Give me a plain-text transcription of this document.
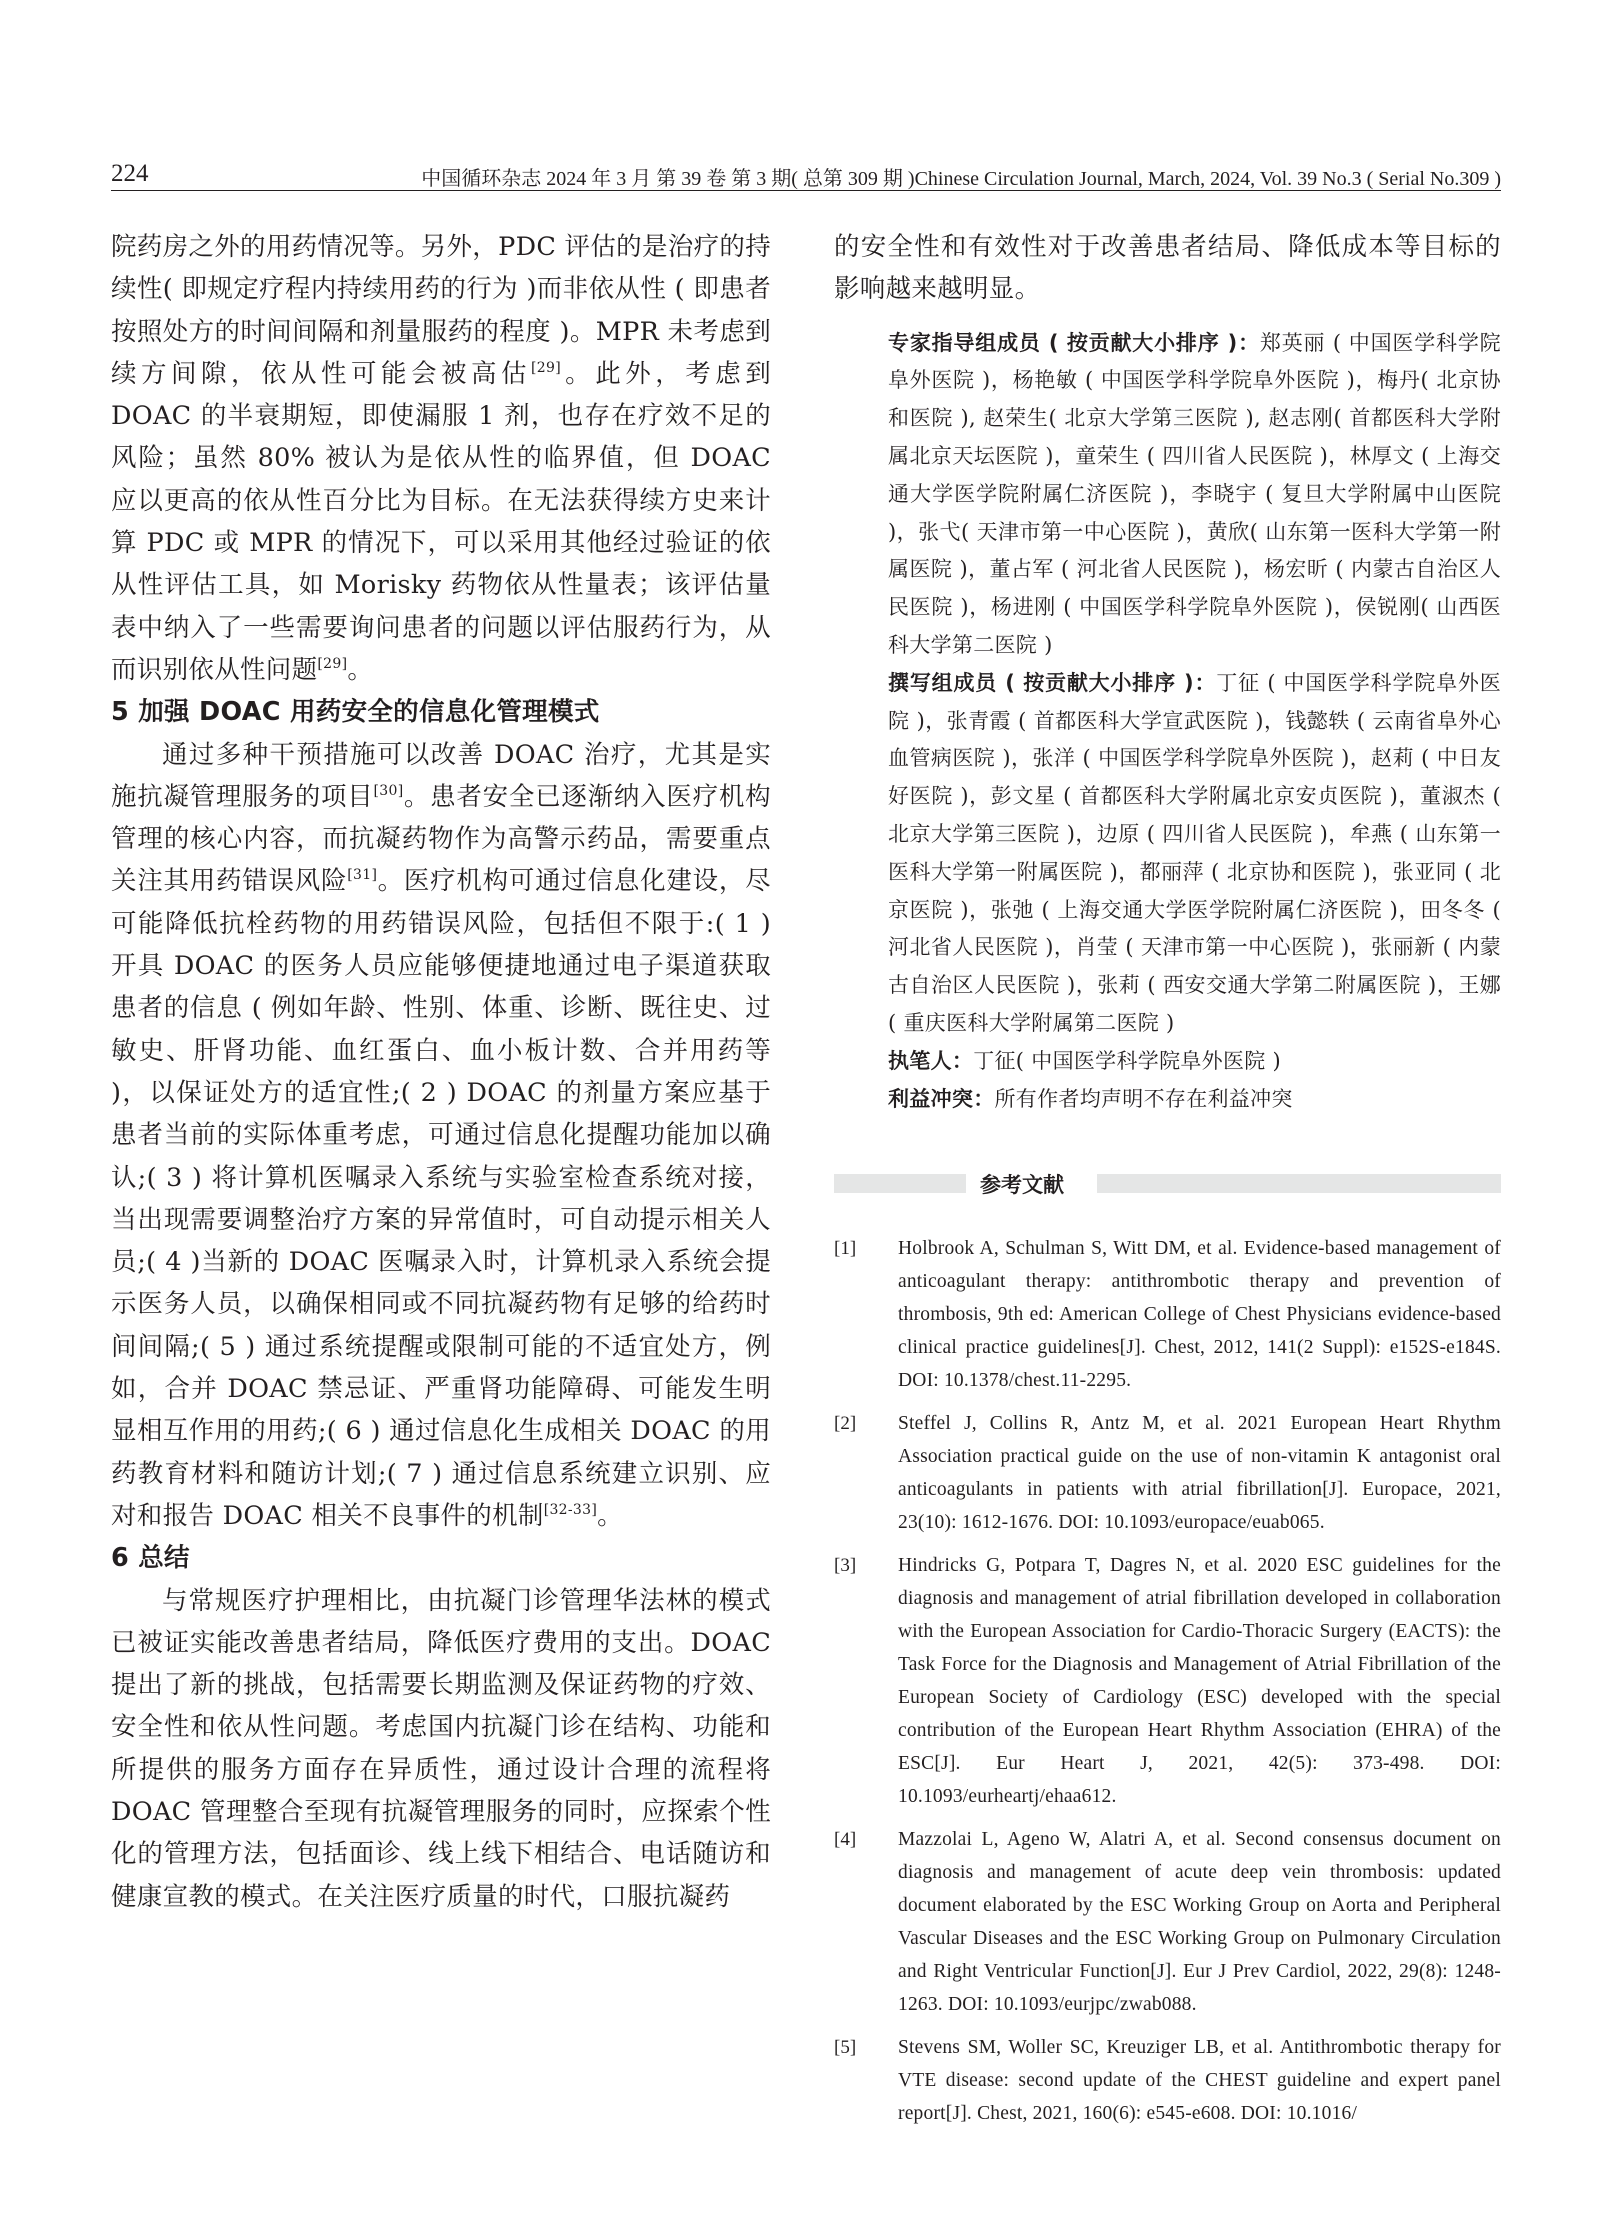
224	中国循环杂志 2024 年 3 月 第 39 卷 第 3 期( 总第 309 期 )Chinese Circulation Journal, March, 2024, Vol. 39 No.3 ( Serial No.309 )

院药房之外的用药情况等。另外，PDC 评估的是治疗的持续性( 即规定疗程内持续用药的行为 )而非依从性 ( 即患者按照处方的时间间隔和剂量服药的程度 )。MPR 未考虑到续方间隙，依从性可能会被高估[29]。此外，考虑到 DOAC 的半衰期短，即使漏服 1 剂，也存在疗效不足的风险；虽然 80% 被认为是依从性的临界值，但 DOAC 应以更高的依从性百分比为目标。在无法获得续方史来计算 PDC 或 MPR 的情况下，可以采用其他经过验证的依从性评估工具，如 Morisky 药物依从性量表；该评估量表中纳入了一些需要询问患者的问题以评估服药行为，从而识别依从性问题[29]。

5 加强 DOAC 用药安全的信息化管理模式

通过多种干预措施可以改善 DOAC 治疗，尤其是实施抗凝管理服务的项目[30]。患者安全已逐渐纳入医疗机构管理的核心内容，而抗凝药物作为高警示药品，需要重点关注其用药错误风险[31]。医疗机构可通过信息化建设，尽可能降低抗栓药物的用药错误风险，包括但不限于:( 1 ) 开具 DOAC 的医务人员应能够便捷地通过电子渠道获取患者的信息 ( 例如年龄、性别、体重、诊断、既往史、过敏史、肝肾功能、血红蛋白、血小板计数、合并用药等 )，以保证处方的适宜性;( 2 ) DOAC 的剂量方案应基于患者当前的实际体重考虑，可通过信息化提醒功能加以确认;( 3 ) 将计算机医嘱录入系统与实验室检查系统对接，当出现需要调整治疗方案的异常值时，可自动提示相关人员;( 4 )当新的 DOAC 医嘱录入时，计算机录入系统会提示医务人员，以确保相同或不同抗凝药物有足够的给药时间间隔;( 5 ) 通过系统提醒或限制可能的不适宜处方，例如，合并 DOAC 禁忌证、严重肾功能障碍、可能发生明显相互作用的用药;( 6 ) 通过信息化生成相关 DOAC 的用药教育材料和随访计划;( 7 ) 通过信息系统建立识别、应对和报告 DOAC 相关不良事件的机制[32-33]。

6 总结

与常规医疗护理相比，由抗凝门诊管理华法林的模式已被证实能改善患者结局，降低医疗费用的支出。DOAC 提出了新的挑战，包括需要长期监测及保证药物的疗效、安全性和依从性问题。考虑国内抗凝门诊在结构、功能和所提供的服务方面存在异质性，通过设计合理的流程将 DOAC 管理整合至现有抗凝管理服务的同时，应探索个性化的管理方法，包括面诊、线上线下相结合、电话随访和健康宣教的模式。在关注医疗质量的时代，口服抗凝药

的安全性和有效性对于改善患者结局、降低成本等目标的影响越来越明显。

专家指导组成员 ( 按贡献大小排序 )：郑英丽 ( 中国医学科学院阜外医院 )，杨艳敏 ( 中国医学科学院阜外医院 )，梅丹( 北京协和医院 ), 赵荣生( 北京大学第三医院 ), 赵志刚( 首都医科大学附属北京天坛医院 )，童荣生 ( 四川省人民医院 )，林厚文 ( 上海交通大学医学院附属仁济医院 )，李晓宇 ( 复旦大学附属中山医院 )，张弋( 天津市第一中心医院 )，黄欣( 山东第一医科大学第一附属医院 )，董占军 ( 河北省人民医院 )，杨宏昕 ( 内蒙古自治区人民医院 )，杨进刚 ( 中国医学科学院阜外医院 )，侯锐刚( 山西医科大学第二医院 )

撰写组成员 ( 按贡献大小排序 )：丁征 ( 中国医学科学院阜外医院 )，张青霞 ( 首都医科大学宣武医院 )，钱懿轶 ( 云南省阜外心血管病医院 )，张洋 ( 中国医学科学院阜外医院 )，赵莉 ( 中日友好医院 )，彭文星 ( 首都医科大学附属北京安贞医院 )，董淑杰 ( 北京大学第三医院 )，边原 ( 四川省人民医院 )，牟燕 ( 山东第一医科大学第一附属医院 )，都丽萍 ( 北京协和医院 )，张亚同 ( 北京医院 )，张弛 ( 上海交通大学医学院附属仁济医院 )，田冬冬 ( 河北省人民医院 )，肖莹 ( 天津市第一中心医院 )，张丽新 ( 内蒙古自治区人民医院 )，张莉 ( 西安交通大学第二附属医院 )，王娜 ( 重庆医科大学附属第二医院 )

执笔人：丁征( 中国医学科学院阜外医院 )

利益冲突：所有作者均声明不存在利益冲突

参考文献
[1] Holbrook A, Schulman S, Witt DM, et al. Evidence-based management of anticoagulant therapy: antithrombotic therapy and prevention of thrombosis, 9th ed: American College of Chest Physicians evidence-based clinical practice guidelines[J]. Chest, 2012, 141(2 Suppl): e152S-e184S. DOI: 10.1378/chest.11-2295.
[2] Steffel J, Collins R, Antz M, et al. 2021 European Heart Rhythm Association practical guide on the use of non-vitamin K antagonist oral anticoagulants in patients with atrial fibrillation[J]. Europace, 2021, 23(10): 1612-1676. DOI: 10.1093/europace/euab065.
[3] Hindricks G, Potpara T, Dagres N, et al. 2020 ESC guidelines for the diagnosis and management of atrial fibrillation developed in collaboration with the European Association for Cardio-Thoracic Surgery (EACTS): the Task Force for the Diagnosis and Management of Atrial Fibrillation of the European Society of Cardiology (ESC) developed with the special contribution of the European Heart Rhythm Association (EHRA) of the ESC[J]. Eur Heart J, 2021, 42(5): 373-498. DOI: 10.1093/eurheartj/ehaa612.
[4] Mazzolai L, Ageno W, Alatri A, et al. Second consensus document on diagnosis and management of acute deep vein thrombosis: updated document elaborated by the ESC Working Group on Aorta and Peripheral Vascular Diseases and the ESC Working Group on Pulmonary Circulation and Right Ventricular Function[J]. Eur J Prev Cardiol, 2022, 29(8): 1248-1263. DOI: 10.1093/eurjpc/zwab088.
[5] Stevens SM, Woller SC, Kreuziger LB, et al. Antithrombotic therapy for VTE disease: second update of the CHEST guideline and expert panel report[J]. Chest, 2021, 160(6): e545-e608. DOI: 10.1016/
